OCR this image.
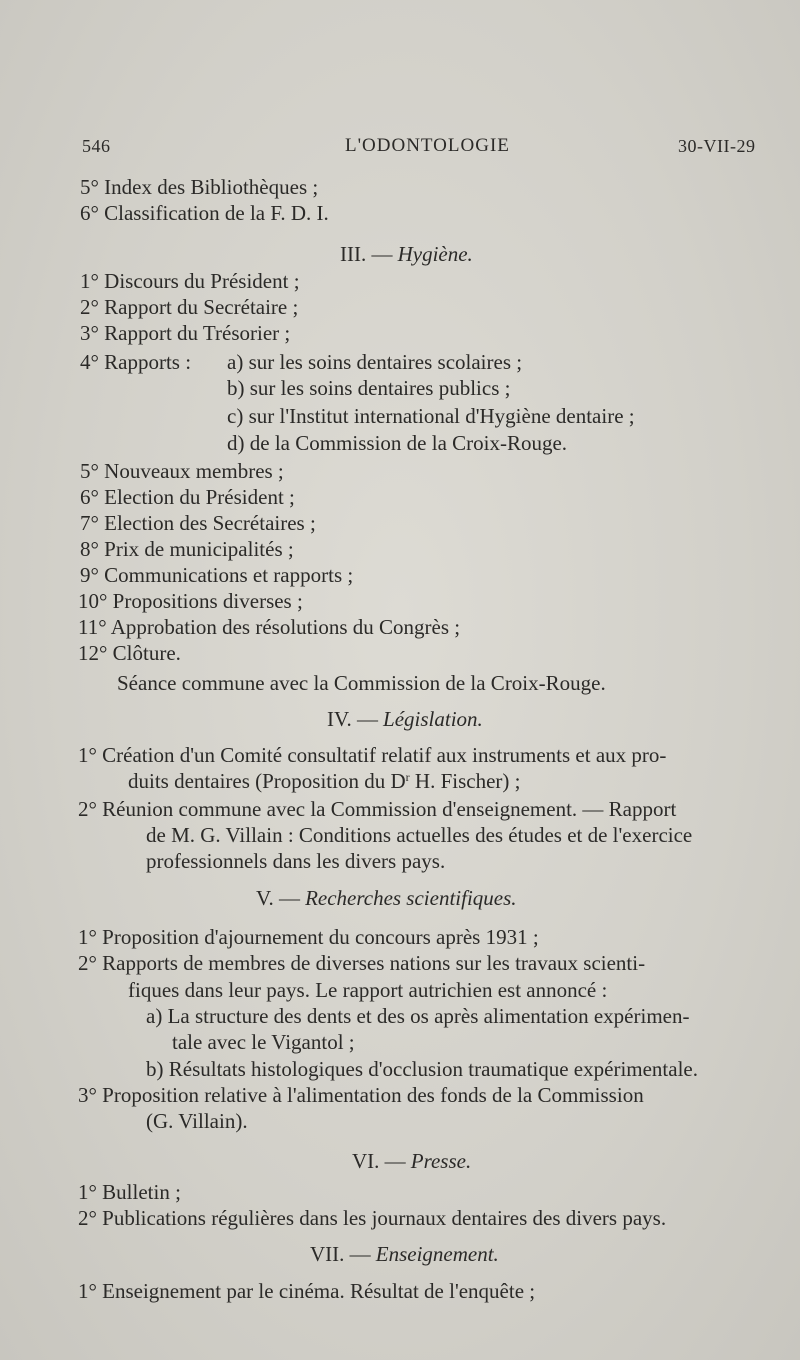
546	L'ODONTOLOGIE	30-VII-29
5° Index des Bibliothèques ;
6° Classification de la F. D. I.
III. — Hygiène.
1° Discours du Président ;
2° Rapport du Secrétaire ;
3° Rapport du Trésorier ;
4° Rapports : a) sur les soins dentaires scolaires ;
b) sur les soins dentaires publics ;
c) sur l'Institut international d'Hygiène dentaire ;
d) de la Commission de la Croix-Rouge.
5° Nouveaux membres ;
6° Election du Président ;
7° Election des Secrétaires ;
8° Prix de municipalités ;
9° Communications et rapports ;
10° Propositions diverses ;
11° Approbation des résolutions du Congrès ;
12° Clôture.
Séance commune avec la Commission de la Croix-Rouge.
IV. — Législation.
1° Création d'un Comité consultatif relatif aux instruments et aux pro-
duits dentaires (Proposition du $D^r$ H. Fischer) ;
2° Réunion commune avec la Commission d'enseignement. — Rapport
de M. G. Villain : Conditions actuelles des études et de l'exercice
professionnels dans les divers pays.
V. — Recherches scientifiques.
1° Proposition d'ajournement du concours après 1931 ;
2° Rapports de membres de diverses nations sur les travaux scienti-
fiques dans leur pays. Le rapport autrichien est annoncé :
a) La structure des dents et des os après alimentation expérimen-
tale avec le Vigantol ;
b) Résultats histologiques d'occlusion traumatique expérimentale.
3° Proposition relative à l'alimentation des fonds de la Commission
(G. Villain).
VI. — Presse.
1° Bulletin ;
2° Publications régulières dans les journaux dentaires des divers pays.
VII. — Enseignement.
1° Enseignement par le cinéma. Résultat de l'enquête ;
